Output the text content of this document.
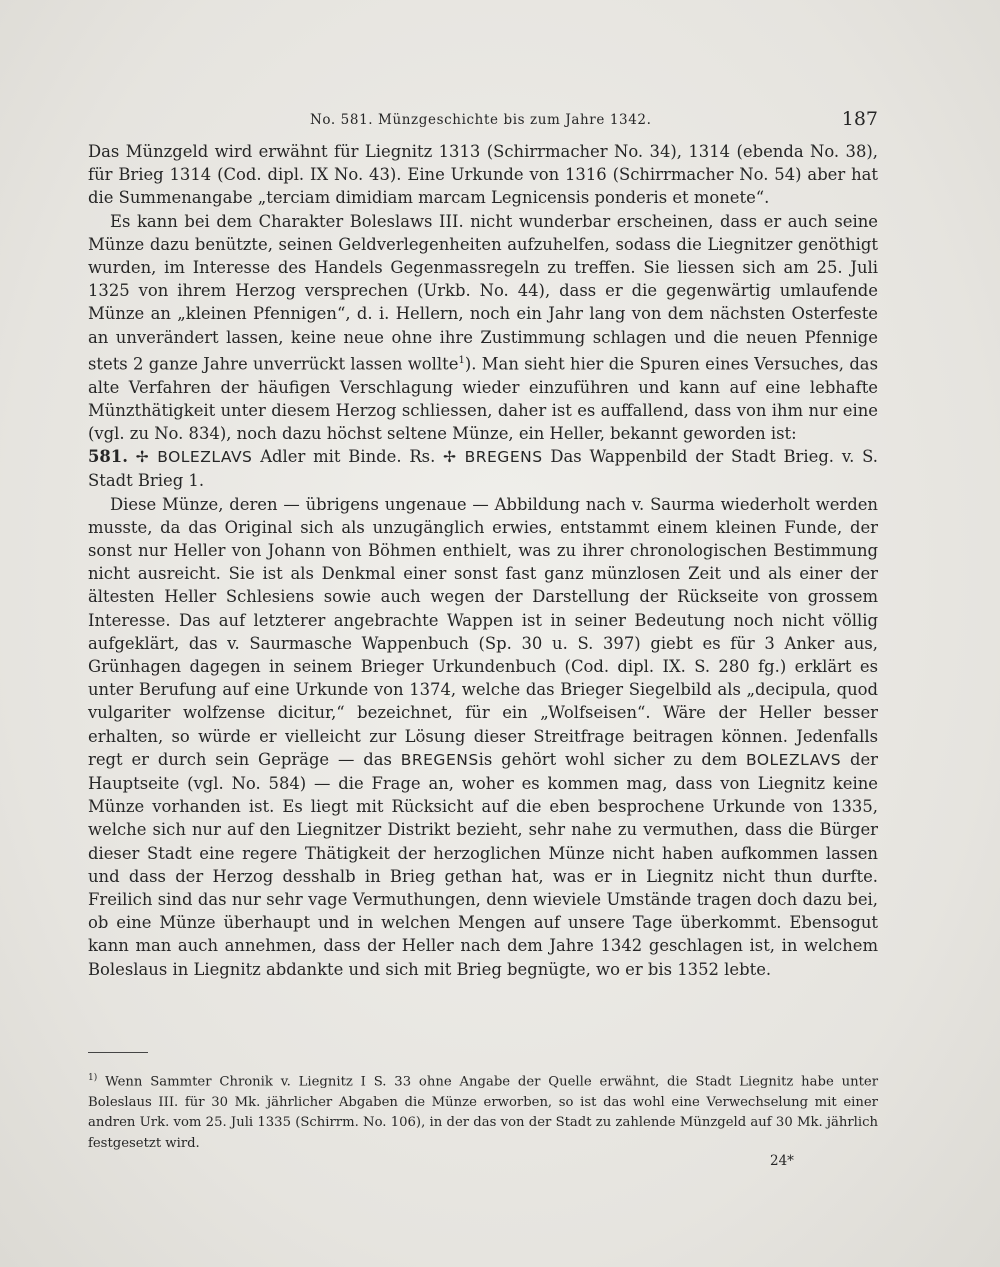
No. 581. Münzgeschichte bis zum Jahre 1342.	187

Das Münzgeld wird erwähnt für Liegnitz 1313 (Schirrmacher No. 34), 1314 (ebenda No. 38), für Brieg 1314 (Cod. dipl. IX No. 43). Eine Urkunde von 1316 (Schirrmacher No. 54) aber hat die Summenangabe „terciam dimidiam marcam Legnicensis ponderis et monete“.

Es kann bei dem Charakter Boleslaws III. nicht wunderbar erscheinen, dass er auch seine Münze dazu benützte, seinen Geldverlegenheiten aufzuhelfen, sodass die Liegnitzer genöthigt wurden, im Interesse des Handels Gegenmassregeln zu treffen. Sie liessen sich am 25. Juli 1325 von ihrem Herzog versprechen (Urkb. No. 44), dass er die gegenwärtig umlaufende Münze an „kleinen Pfennigen“, d. i. Hellern, noch ein Jahr lang von dem nächsten Osterfeste an unverändert lassen, keine neue ohne ihre Zustimmung schlagen und die neuen Pfennige stets 2 ganze Jahre unverrückt lassen wollte$^1$). Man sieht hier die Spuren eines Versuches, das alte Verfahren der häufigen Verschlagung wieder einzuführen und kann auf eine lebhafte Münzthätigkeit unter diesem Herzog schliessen, daher ist es auffallend, dass von ihm nur eine (vgl. zu No. 834), noch dazu höchst seltene Münze, ein Heller, bekannt geworden ist:

581. ✢ BOLEZLAVS Adler mit Binde. Rs. ✢ BREGENS Das Wappenbild der Stadt Brieg. v. S. Stadt Brieg 1.

Diese Münze, deren — übrigens ungenaue — Abbildung nach v. Saurma wiederholt werden musste, da das Original sich als unzugänglich erwies, entstammt einem kleinen Funde, der sonst nur Heller von Johann von Böhmen enthielt, was zu ihrer chronologischen Bestimmung nicht ausreicht. Sie ist als Denkmal einer sonst fast ganz münzlosen Zeit und als einer der ältesten Heller Schlesiens sowie auch wegen der Darstellung der Rückseite von grossem Interesse. Das auf letzterer angebrachte Wappen ist in seiner Bedeutung noch nicht völlig aufgeklärt, das v. Saurmasche Wappenbuch (Sp. 30 u. S. 397) giebt es für 3 Anker aus, Grünhagen dagegen in seinem Brieger Urkundenbuch (Cod. dipl. IX. S. 280 fg.) erklärt es unter Berufung auf eine Urkunde von 1374, welche das Brieger Siegelbild als „decipula, quod vulgariter wolfzense dicitur,“ bezeichnet, für ein „Wolfseisen“. Wäre der Heller besser erhalten, so würde er vielleicht zur Lösung dieser Streitfrage beitragen können. Jedenfalls regt er durch sein Gepräge — das BREGENSis gehört wohl sicher zu dem BOLEZLAVS der Hauptseite (vgl. No. 584) — die Frage an, woher es kommen mag, dass von Liegnitz keine Münze vorhanden ist. Es liegt mit Rücksicht auf die eben besprochene Urkunde von 1335, welche sich nur auf den Liegnitzer Distrikt bezieht, sehr nahe zu vermuthen, dass die Bürger dieser Stadt eine regere Thätigkeit der herzoglichen Münze nicht haben aufkommen lassen und dass der Herzog desshalb in Brieg gethan hat, was er in Liegnitz nicht thun durfte. Freilich sind das nur sehr vage Vermuthungen, denn wieviele Umstände tragen doch dazu bei, ob eine Münze überhaupt und in welchen Mengen auf unsere Tage überkommt. Ebensogut kann man auch annehmen, dass der Heller nach dem Jahre 1342 geschlagen ist, in welchem Boleslaus in Liegnitz abdankte und sich mit Brieg begnügte, wo er bis 1352 lebte.

$^{1)}$ Wenn Sammter Chronik v. Liegnitz I S. 33 ohne Angabe der Quelle erwähnt, die Stadt Liegnitz habe unter Boleslaus III. für 30 Mk. jährlicher Abgaben die Münze erworben, so ist das wohl eine Verwechselung mit einer andren Urk. vom 25. Juli 1335 (Schirrm. No. 106), in der das von der Stadt zu zahlende Münzgeld auf 30 Mk. jährlich festgesetzt wird.
24*
